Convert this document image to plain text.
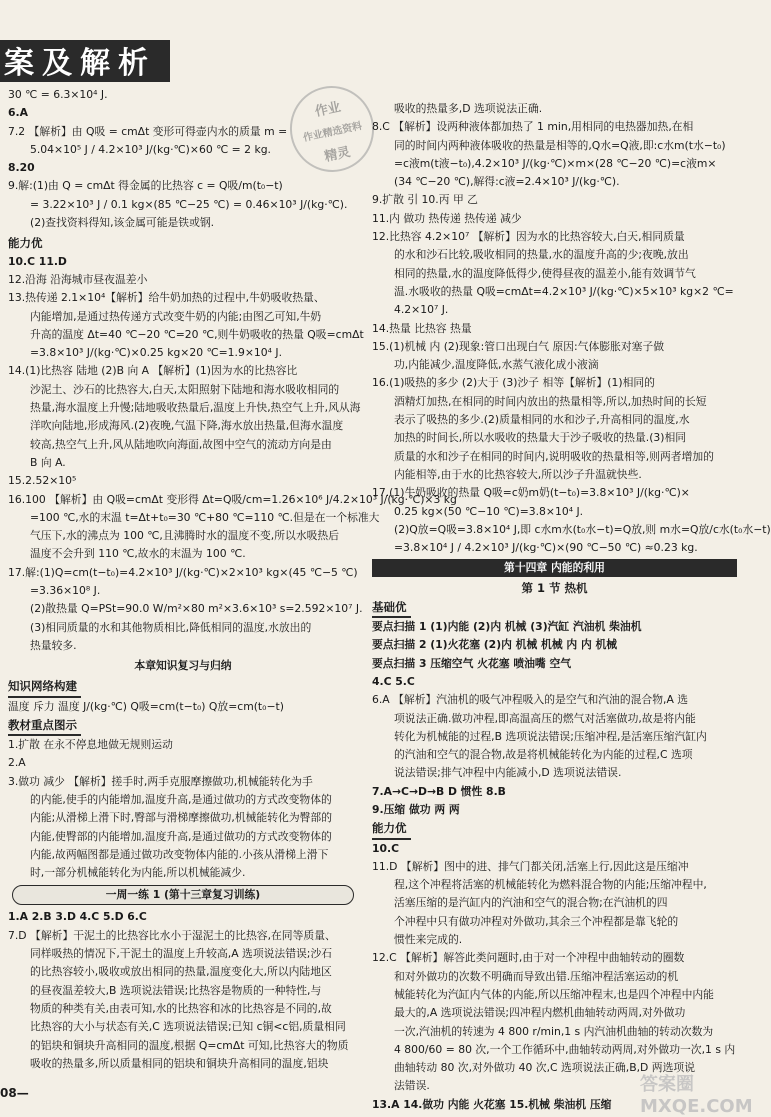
案及解析
作业
作业精选资料
精灵
30 ℃ = 6.3×10⁴ J.
6.A
7.2 【解析】由 Q吸 = cmΔt 变形可得壶内水的质量 m =
5.04×10⁵ J / 4.2×10³ J/(kg·℃)×60 ℃ = 2 kg.
8.20
9.解:(1)由 Q = cmΔt 得金属的比热容 c = Q吸/m(t₀−t)
= 3.22×10³ J / 0.1 kg×(85 ℃−25 ℃) = 0.46×10³ J/(kg·℃).
(2)查找资料得知,该金属可能是铁或钢.
能力优
10.C 11.D
12.沿海 沿海城市昼夜温差小
13.热传递 2.1×10⁴【解析】给牛奶加热的过程中,牛奶吸收热量、
内能增加,是通过热传递方式改变牛奶的内能;由图乙可知,牛奶
升高的温度 Δt=40 ℃−20 ℃=20 ℃,则牛奶吸收的热量 Q吸=cmΔt
=3.8×10³ J/(kg·℃)×0.25 kg×20 ℃=1.9×10⁴ J.
14.(1)比热容 陆地 (2)B 向 A 【解析】(1)因为水的比热容比
沙泥土、沙石的比热容大,白天,太阳照射下陆地和海水吸收相同的
热量,海水温度上升慢;陆地吸收热量后,温度上升快,热空气上升,风从海
洋吹向陆地,形成海风.(2)夜晚,气温下降,海水放出热量,但海水温度
较高,热空气上升,风从陆地吹向海面,故图中空气的流动方向是由
B 向 A.
15.2.52×10⁵
16.100 【解析】由 Q吸=cmΔt 变形得 Δt=Q吸/cm=1.26×10⁶ J/4.2×10³ J/(kg·℃)×3 kg
=100 ℃,水的末温 t=Δt+t₀=30 ℃+80 ℃=110 ℃.但是在一个标准大
气压下,水的沸点为 100 ℃,且沸腾时水的温度不变,所以水吸热后
温度不会升到 110 ℃,故水的末温为 100 ℃.
17.解:(1)Q=cm(t−t₀)=4.2×10³ J/(kg·℃)×2×10³ kg×(45 ℃−5 ℃)
=3.36×10⁸ J.
(2)散热量 Q=PSt=90.0 W/m²×80 m²×3.6×10³ s=2.592×10⁷ J.
(3)相同质量的水和其他物质相比,降低相同的温度,水放出的
热量较多.
本章知识复习与归纳
知识网络构建
温度 斥力 温度 J/(kg·℃) Q吸=cm(t−t₀) Q放=cm(t₀−t)
教材重点图示
1.扩散 在永不停息地做无规则运动
2.A
3.做功 减少 【解析】搓手时,两手克服摩擦做功,机械能转化为手
的内能,使手的内能增加,温度升高,是通过做功的方式改变物体的
内能;从滑梯上滑下时,臀部与滑梯摩擦做功,机械能转化为臀部的
内能,使臀部的内能增加,温度升高,是通过做功的方式改变物体的
内能,故两幅图都是通过做功改变物体内能的.小孩从滑梯上滑下
时,一部分机械能转化为内能,所以机械能减少.
一周一练 1 (第十三章复习训练)
1.A 2.B 3.D 4.C 5.D 6.C
7.D 【解析】干泥土的比热容比水小于湿泥土的比热容,在同等质量、
同样吸热的情况下,干泥土的温度上升较高,A 选项说法错误;沙石
的比热容较小,吸收或放出相同的热量,温度变化大,所以内陆地区
的昼夜温差较大,B 选项说法错误;比热容是物质的一种特性,与
物质的种类有关,由表可知,水的比热容和冰的比热容是不同的,故
比热容的大小与状态有关,C 选项说法错误;已知 c铜<c铝,质量相同
的铝块和铜块升高相同的温度,根据 Q=cmΔt 可知,比热容大的物质
吸收的热量多,所以质量相同的铝块和铜块升高相同的温度,铝块
吸收的热量多,D 选项说法正确.
8.C 【解析】设两种液体都加热了 1 min,用相同的电热器加热,在相
同的时间内两种液体吸收的热量是相等的,Q水=Q液,即:c水m(t水−t₀)
=c液m(t液−t₀),4.2×10³ J/(kg·℃)×m×(28 ℃−20 ℃)=c液m×
(34 ℃−20 ℃),解得:c液=2.4×10³ J/(kg·℃).
9.扩散 引 10.丙 甲 乙
11.内 做功 热传递 热传递 减少
12.比热容 4.2×10⁷ 【解析】因为水的比热容较大,白天,相同质量
的水和沙石比较,吸收相同的热量,水的温度升高的少;夜晚,放出
相同的热量,水的温度降低得少,使得昼夜的温差小,能有效调节气
温.水吸收的热量 Q吸=cmΔt=4.2×10³ J/(kg·℃)×5×10³ kg×2 ℃=
4.2×10⁷ J.
14.热量 比热容 热量
15.(1)机械 内 (2)现象:管口出现白气 原因:气体膨胀对塞子做
功,内能减少,温度降低,水蒸气液化成小液滴
16.(1)吸热的多少 (2)大于 (3)沙子 相等【解析】(1)相同的
酒精灯加热,在相同的时间内放出的热量相等,所以,加热时间的长短
表示了吸热的多少.(2)质量相同的水和沙子,升高相同的温度,水
加热的时间长,所以水吸收的热量大于沙子吸收的热量.(3)相同
质量的水和沙子在相同的时间内,说明吸收的热量相等,则两者增加的
内能相等,由于水的比热容较大,所以沙子升温就快些.
17.(1)牛奶吸收的热量 Q吸=c奶m奶(t−t₀)=3.8×10³ J/(kg·℃)×
0.25 kg×(50 ℃−10 ℃)=3.8×10⁴ J.
(2)Q放=Q吸=3.8×10⁴ J,即 c水m水(t₀水−t)=Q放,则 m水=Q放/c水(t₀水−t)
=3.8×10⁴ J / 4.2×10³ J/(kg·℃)×(90 ℃−50 ℃) ≈0.23 kg.
第十四章 内能的利用
第 1 节 热机
基础优
要点扫描 1 (1)内能 (2)内 机械 (3)汽缸 汽油机 柴油机
要点扫描 2 (1)火花塞 (2)内 机械 机械 内 内 机械
要点扫描 3 压缩空气 火花塞 喷油嘴 空气
4.C 5.C
6.A 【解析】汽油机的吸气冲程吸入的是空气和汽油的混合物,A 选
项说法正确.做功冲程,即高温高压的燃气对活塞做功,故是将内能
转化为机械能的过程,B 选项说法错误;压缩冲程,是活塞压缩汽缸内
的汽油和空气的混合物,故是将机械能转化为内能的过程,C 选项
说法错误;排气冲程中内能减小,D 选项说法错误.
7.A→C→D→B D 惯性 8.B
9.压缩 做功 两 两
能力优
10.C
11.D 【解析】图中的进、排气门都关闭,活塞上行,因此这是压缩冲
程,这个冲程将活塞的机械能转化为燃料混合物的内能;压缩冲程中,
活塞压缩的是汽缸内的汽油和空气的混合物;在汽油机的四
个冲程中只有做功冲程对外做功,其余三个冲程都是靠飞轮的
惯性来完成的.
12.C 【解析】解答此类问题时,由于对一个冲程中曲轴转动的圈数
和对外做功的次数不明确而导致出错.压缩冲程活塞运动的机
械能转化为汽缸内气体的内能,所以压缩冲程末,也是四个冲程中内能
最大的,A 选项说法错误;四冲程内燃机曲轴转动两周,对外做功
一次,汽油机的转速为 4 800 r/min,1 s 内汽油机曲轴的转动次数为
4 800/60 = 80 次,一个工作循环中,曲轴转动两周,对外做功一次,1 s 内
曲轴转动 80 次,对外做功 40 次,C 选项说法正确,B,D 两选项说
法错误.
13.A 14.做功 内能 火花塞 15.机械 柴油机 压缩
08—	答案圈 MXQE.COM
